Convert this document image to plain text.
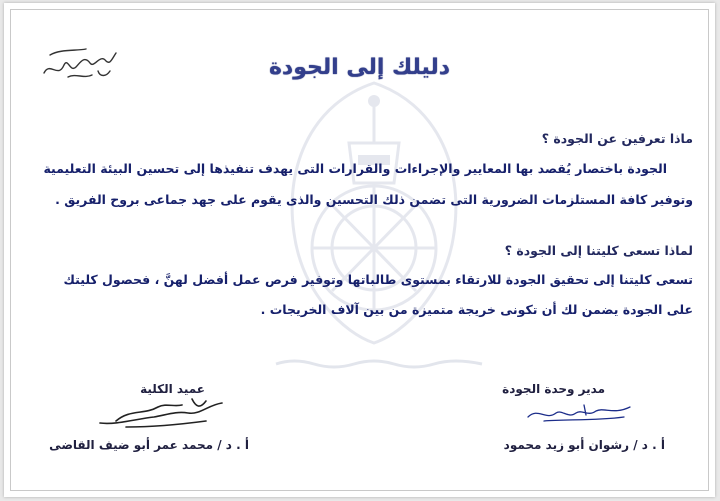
دليلك إلى الجودة
ماذا تعرفين عن الجودة ؟
الجودة باختصار يُقصد بها المعايير والإجراءات والقرارات التى يهدف تنفيذها إلى تحسين البيئة التعليمية
وتوفير كافة المستلزمات الضرورية التى تضمن ذلك التحسين والذى يقوم على جهد جماعى بروح الفريق .
لماذا تسعى كليتنا إلى الجودة ؟
تسعى كليتنا إلى تحقيق الجودة للارتقاء بمستوى طالباتها وتوفير فرص عمل أفضل لهنَّ ، فحصول كليتك
على الجودة يضمن لك أن تكونى خريجة متميزة من بين آلاف الخريجات .
مدير وحدة الجودة
عميد الكلية
أ . د / رشوان أبو زيد محمود
أ . د / محمد عمر أبو ضيف القاضى
